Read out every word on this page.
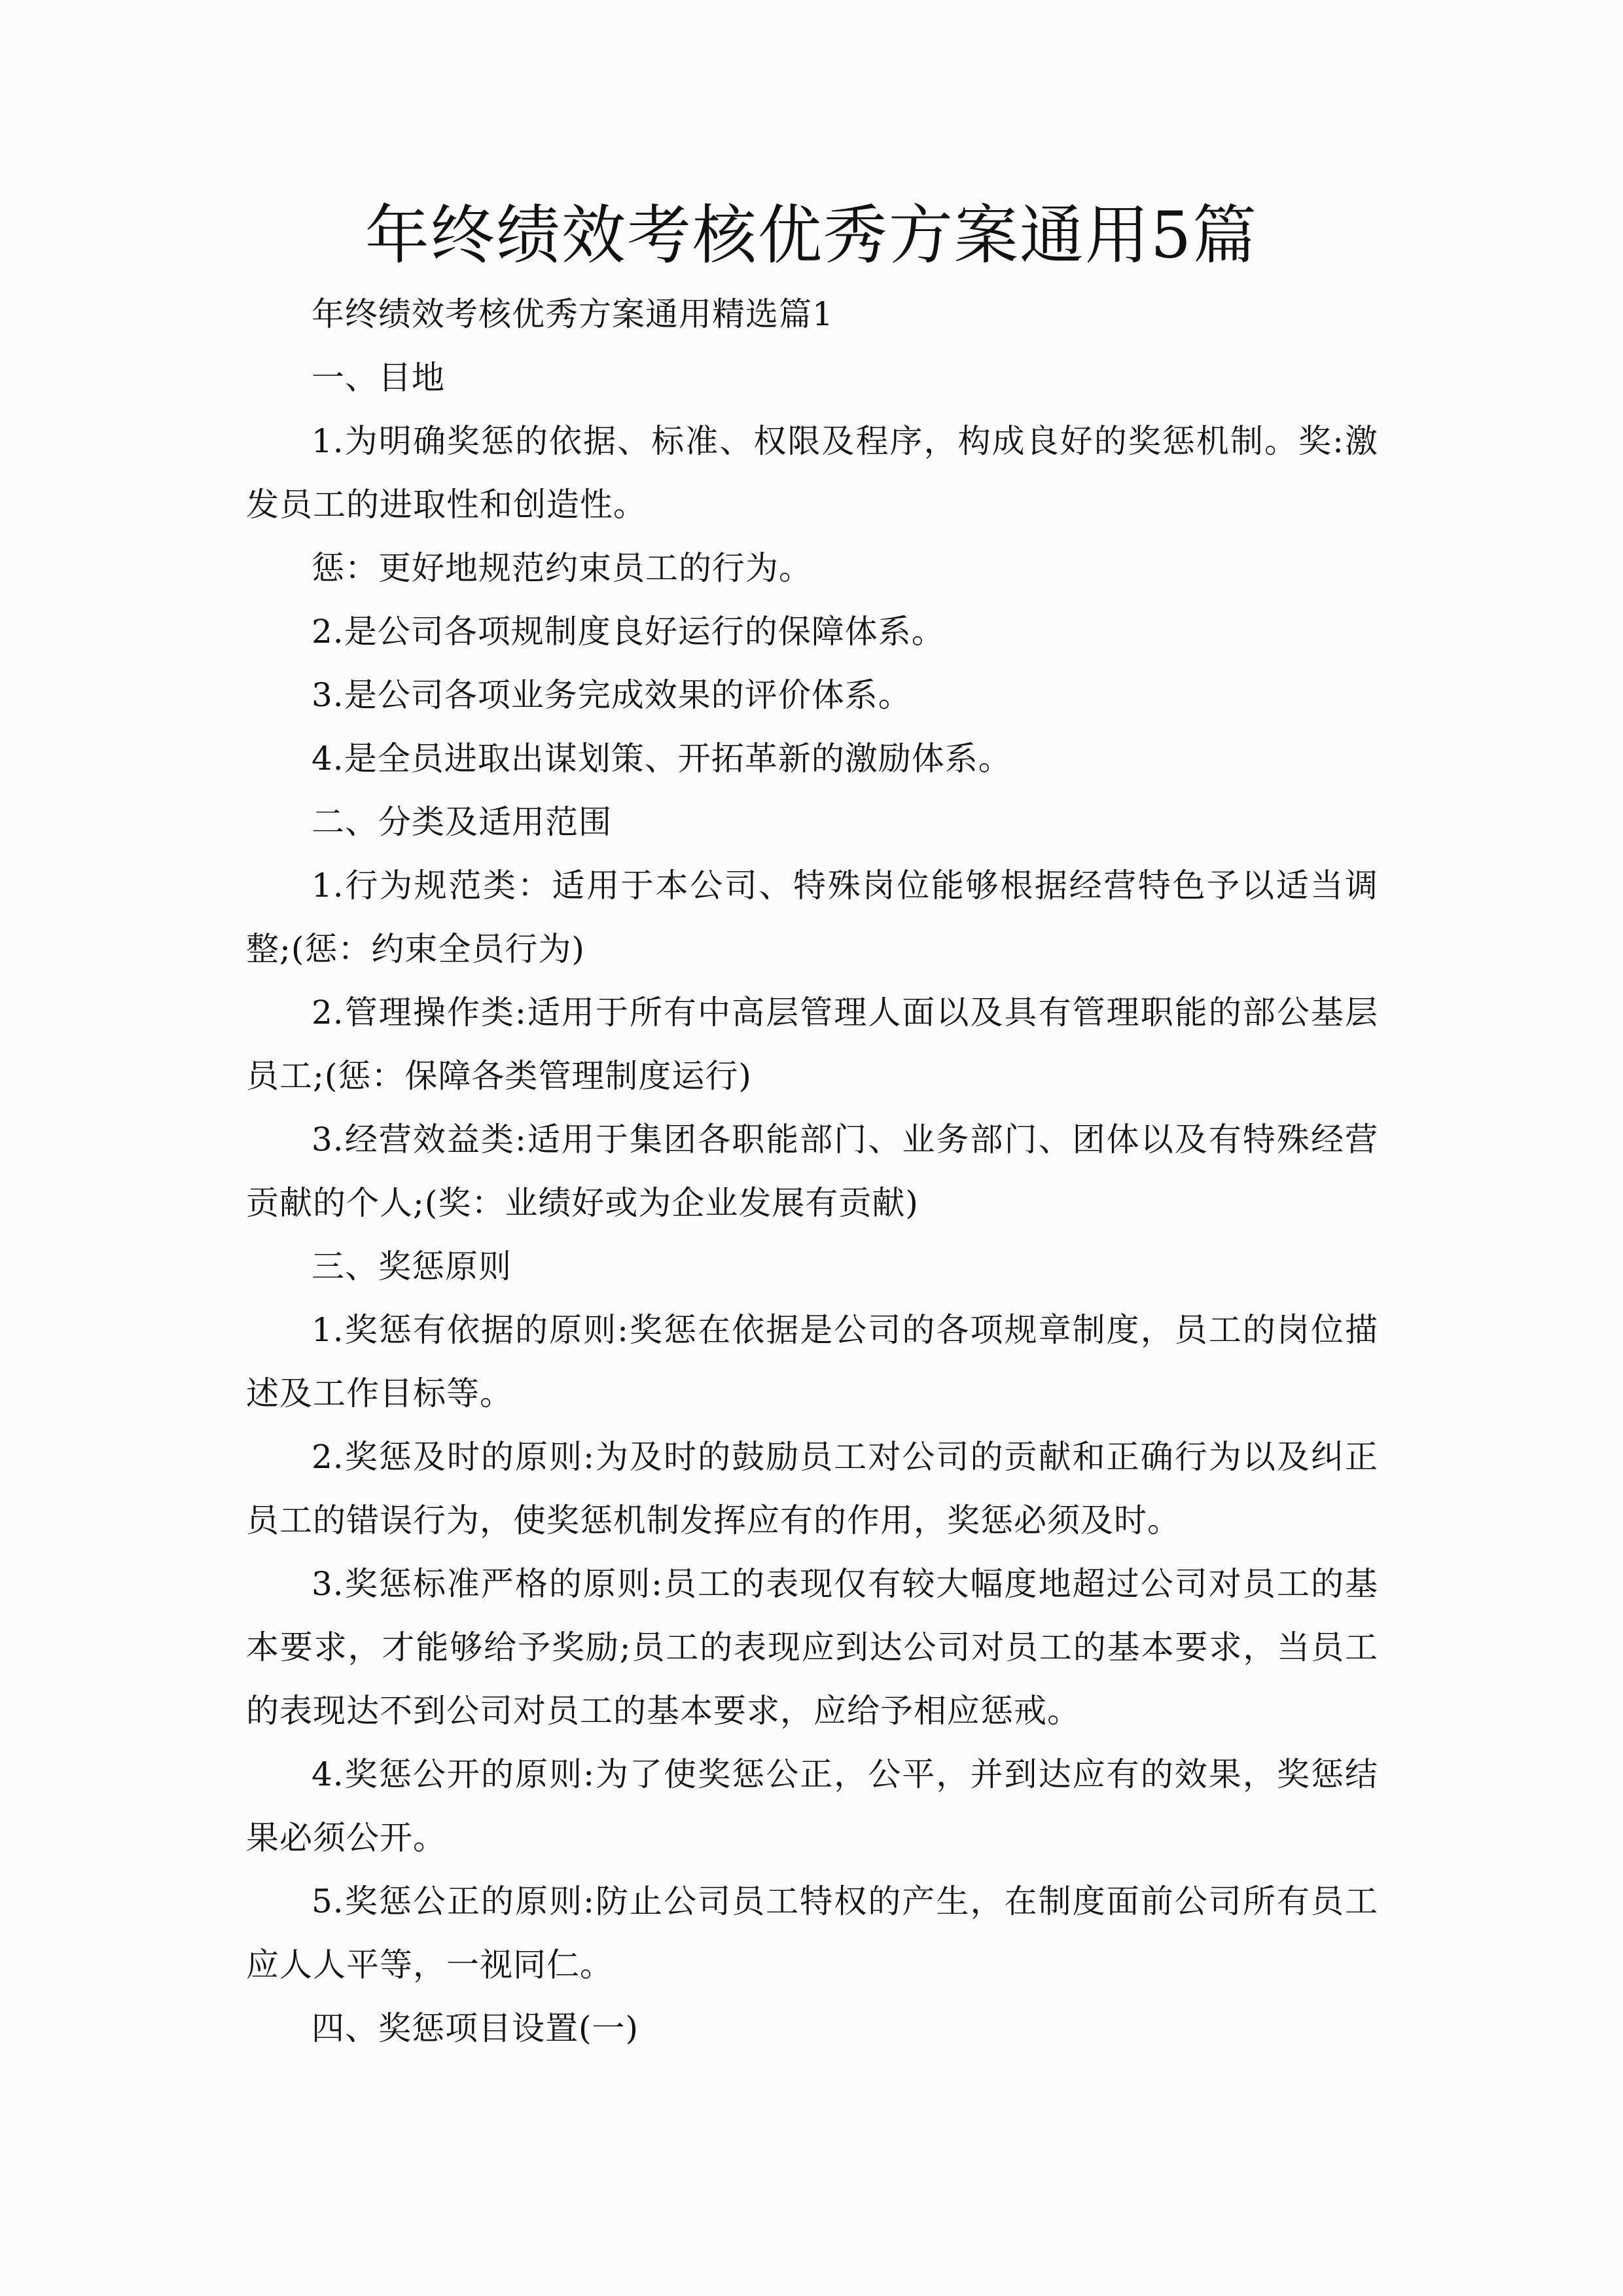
年终绩效考核优秀方案通用5篇

年终绩效考核优秀方案通用精选篇1

一、目地

1.为明确奖惩的依据、标准、权限及程序，构成良好的奖惩机制。奖:激发员工的进取性和创造性。

惩：更好地规范约束员工的行为。

2.是公司各项规制度良好运行的保障体系。

3.是公司各项业务完成效果的评价体系。

4.是全员进取出谋划策、开拓革新的激励体系。

二、分类及适用范围

1.行为规范类：适用于本公司、特殊岗位能够根据经营特色予以适当调整;(惩：约束全员行为)

2.管理操作类:适用于所有中高层管理人面以及具有管理职能的部公基层员工;(惩：保障各类管理制度运行)

3.经营效益类:适用于集团各职能部门、业务部门、团体以及有特殊经营贡献的个人;(奖：业绩好或为企业发展有贡献)

三、奖惩原则

1.奖惩有依据的原则:奖惩在依据是公司的各项规章制度，员工的岗位描述及工作目标等。

2.奖惩及时的原则:为及时的鼓励员工对公司的贡献和正确行为以及纠正员工的错误行为，使奖惩机制发挥应有的作用，奖惩必须及时。

3.奖惩标准严格的原则:员工的表现仅有较大幅度地超过公司对员工的基本要求，才能够给予奖励;员工的表现应到达公司对员工的基本要求，当员工的表现达不到公司对员工的基本要求，应给予相应惩戒。

4.奖惩公开的原则:为了使奖惩公正，公平，并到达应有的效果，奖惩结果必须公开。

5.奖惩公正的原则:防止公司员工特权的产生，在制度面前公司所有员工应人人平等，一视同仁。

四、奖惩项目设置(一)
